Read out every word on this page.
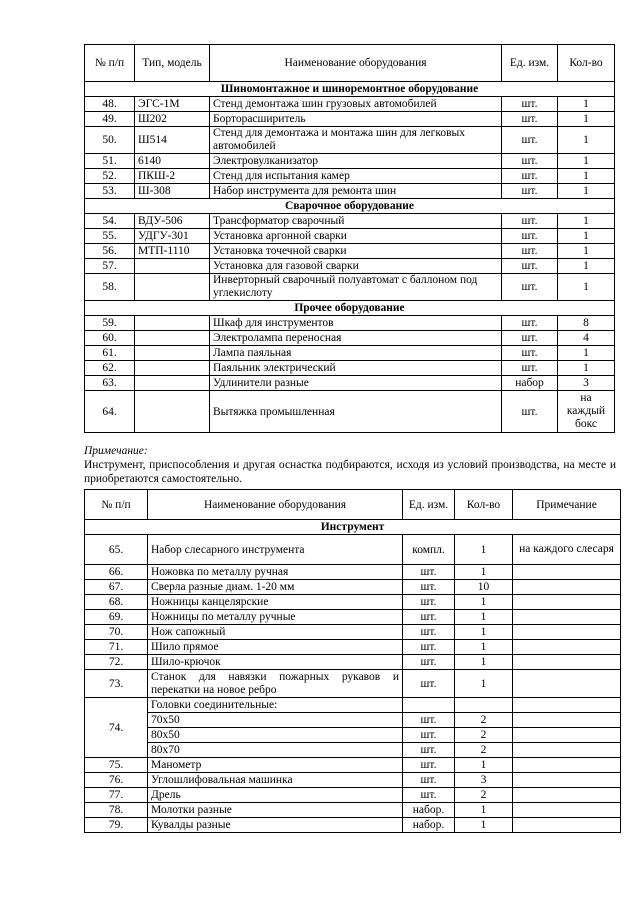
№ п/п	Тип, модель	Наименование оборудования	Ед. изм.	Кол-во
Шиномонтажное и шиноремонтное оборудование				
48.	ЭГС-1М	Стенд демонтажа шин грузовых автомобилей	шт.	1
49.	Ш202	Борторасширитель	шт.	1
50.	Ш514	Стенд для демонтажа и монтажа шин для легковых автомобилей	шт.	1
51.	6140	Электровулканизатор	шт.	1
52.	ПКШ-2	Стенд для испытания камер	шт.	1
53.	Ш-308	Набор инструмента для ремонта шин	шт.	1
Сварочное оборудование				
54.	ВДУ-506	Трансформатор сварочный	шт.	1
55.	УДГУ-301	Установка аргонной сварки	шт.	1
56.	МТП-1110	Установка точечной сварки	шт.	1
57.		Установка для газовой сварки	шт.	1
58.		Инверторный сварочный полуавтомат с баллоном под углекислоту	шт.	1
Прочее оборудование				
59.		Шкаф для инструментов	шт.	8
60.		Электролампа переносная	шт.	4
61.		Лампа паяльная	шт.	1
62.		Паяльник электрический	шт.	1
63.		Удлинители разные	набор	3
64.		Вытяжка промышленная	шт.	на каждый бокс
Примечание:
Инструмент, приспособления и другая оснастка подбираются, исходя из условий производства, на месте и приобретаются самостоятельно.
№ п/п	Наименование оборудования	Ед. изм.	Кол-во	Примечание
Инструмент				
65.	Набор слесарного инструмента	компл.	1	на каждого слесаря
66.	Ножовка по металлу ручная	шт.	1	
67.	Сверла разные диам. 1-20 мм	шт.	10	
68.	Ножницы канцелярские	шт.	1	
69.	Ножницы по металлу ручные	шт.	1	
70.	Нож сапожный	шт.	1	
71.	Шило прямое	шт.	1	
72.	Шило-крючок	шт.	1	
73.	Станок для навязки пожарных рукавов и перекатки на новое ребро	шт.	1	
74.	Головки соединительные:			
	70х50	шт.	2	
	80х50	шт.	2	
	80х70	шт.	2	
75.	Манометр	шт.	1	
76.	Углошлифовальная машинка	шт.	3	
77.	Дрель	шт.	2	
78.	Молотки разные	набор.	1	
79.	Кувалды разные	набор.	1	
